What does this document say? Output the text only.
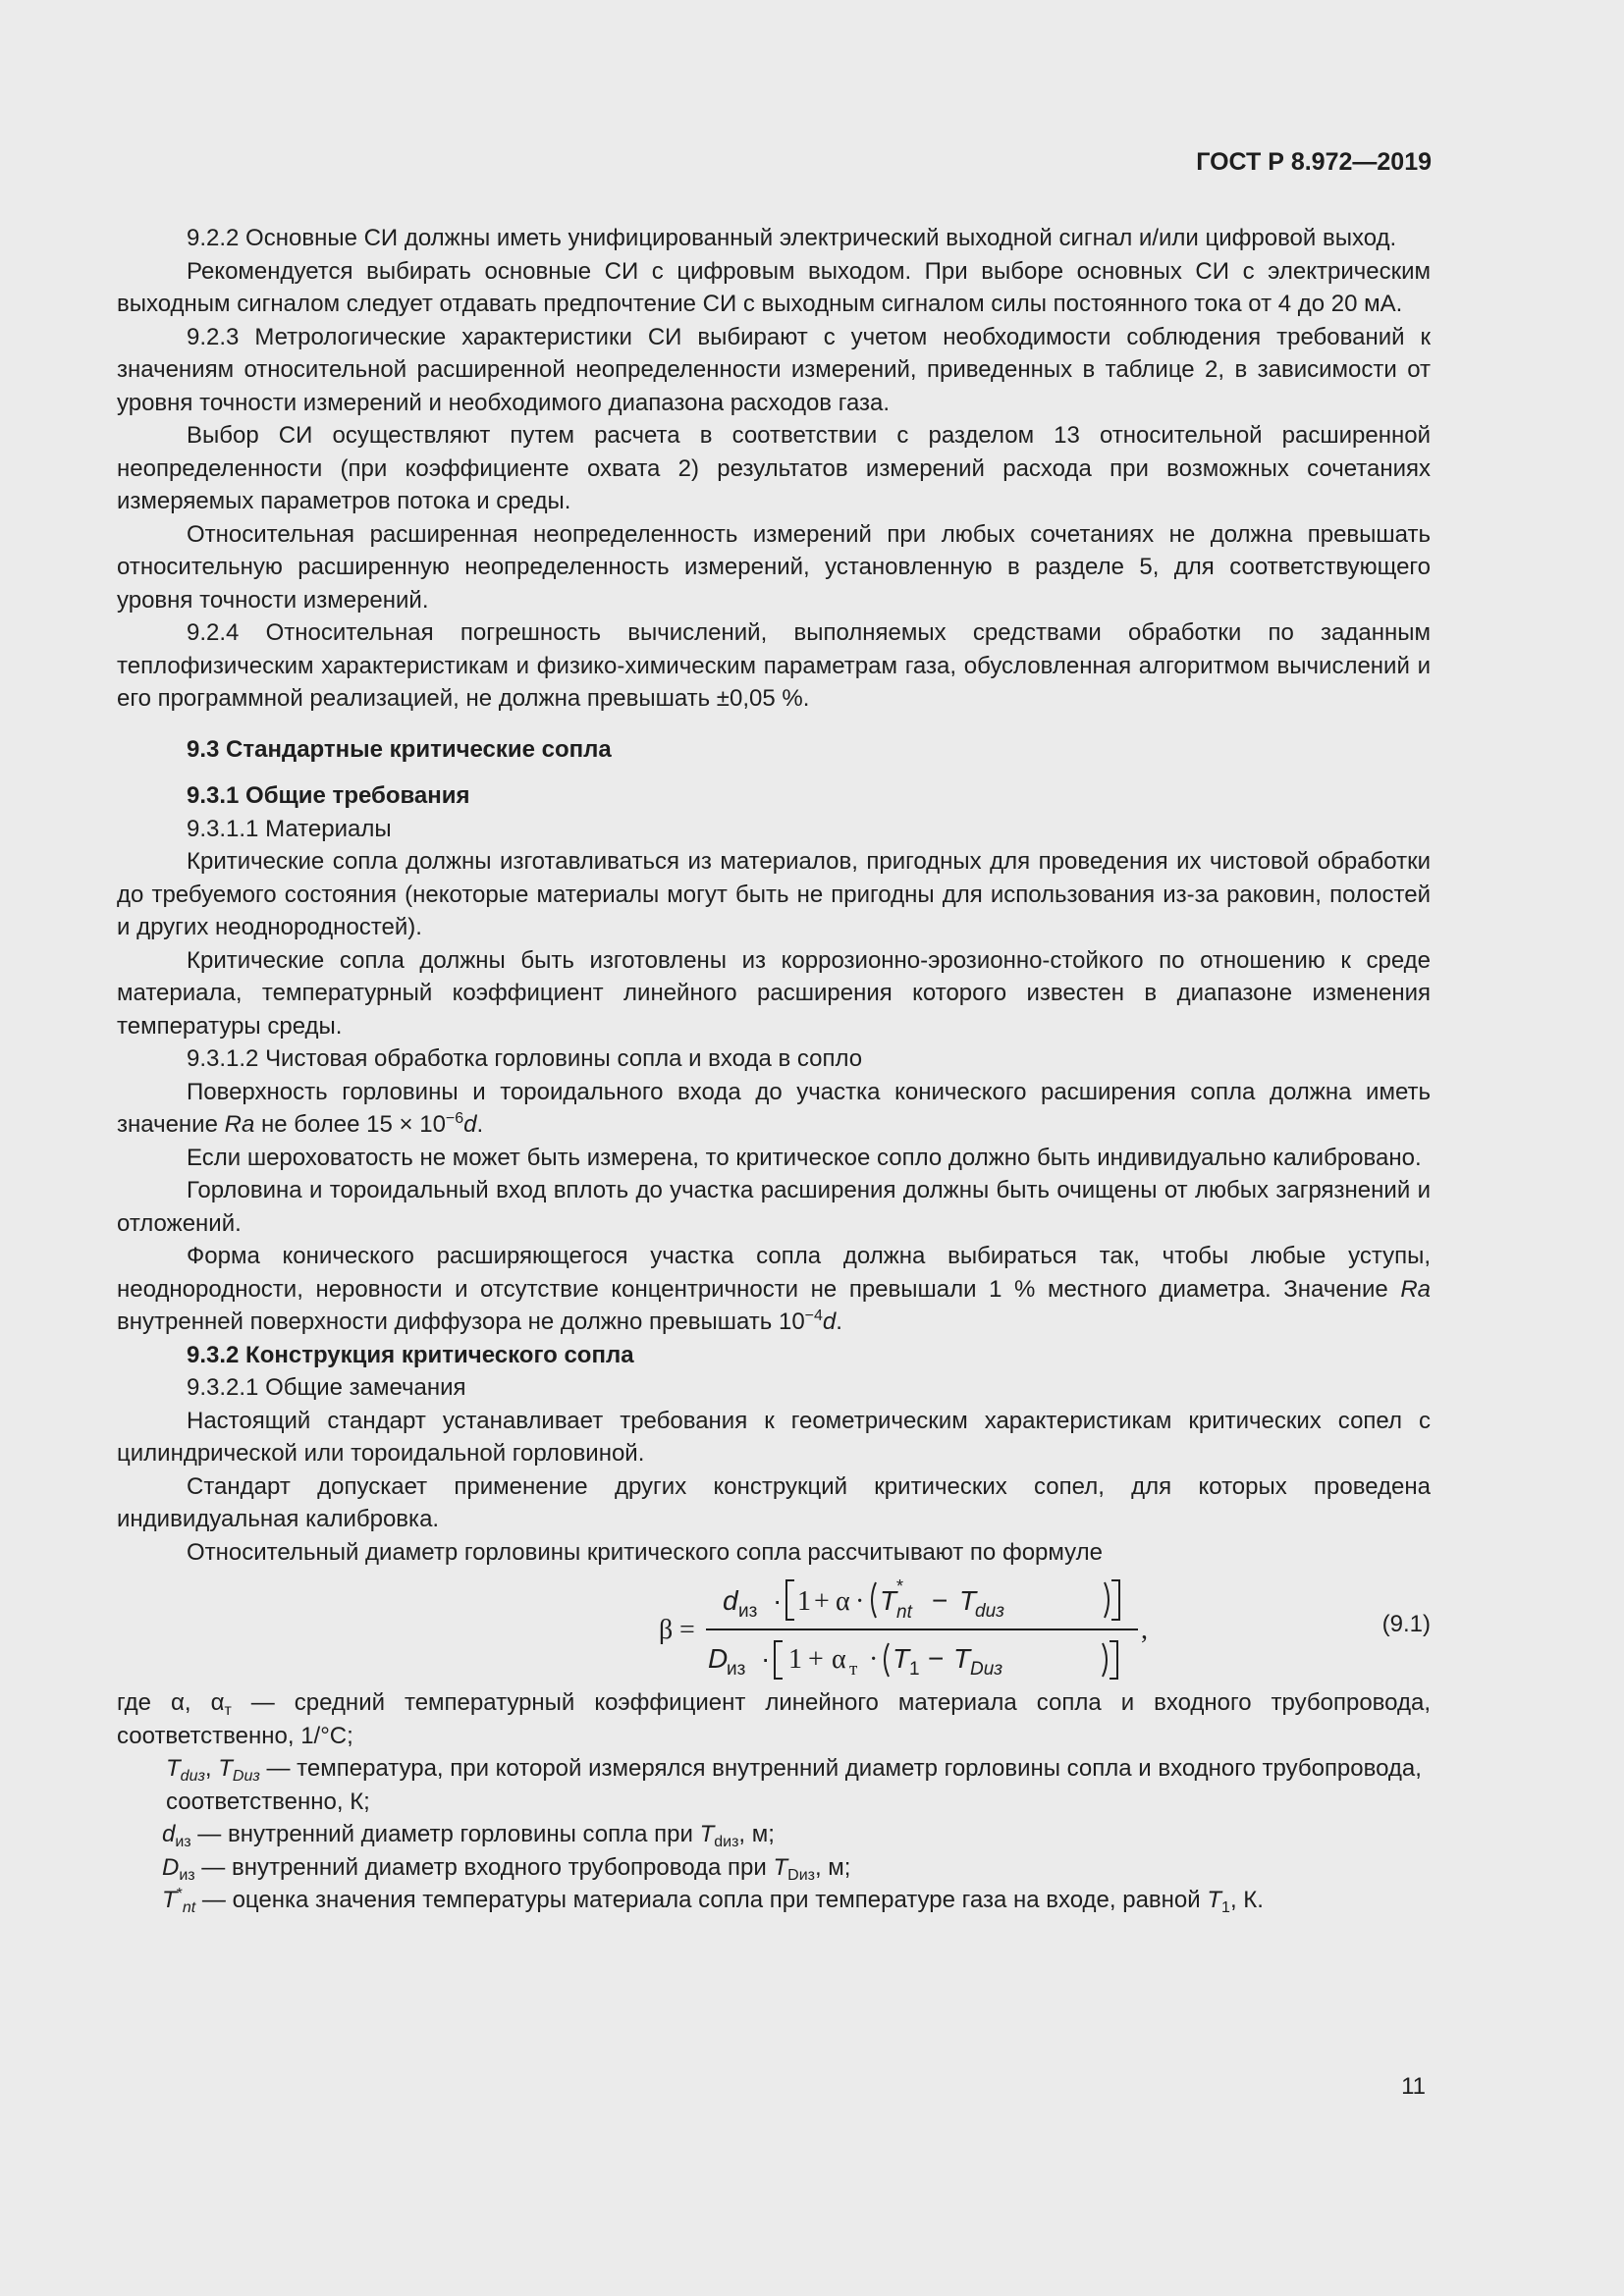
ГОСТ Р 8.972—2019
9.2.2 Основные СИ должны иметь унифицированный электрический выходной сигнал и/или цифровой выход.
Рекомендуется выбирать основные СИ с цифровым выходом. При выборе основных СИ с электрическим выходным сигналом следует отдавать предпочтение СИ с выходным сигналом силы постоянного тока от 4 до 20 мА.
9.2.3 Метрологические характеристики СИ выбирают с учетом необходимости соблюдения требований к значениям относительной расширенной неопределенности измерений, приведенных в таблице 2, в зависимости от уровня точности измерений и необходимого диапазона расходов газа.
Выбор СИ осуществляют путем расчета в соответствии с разделом 13 относительной расширенной неопределенности (при коэффициенте охвата 2) результатов измерений расхода при возможных сочетаниях измеряемых параметров потока и среды.
Относительная расширенная неопределенность измерений при любых сочетаниях не должна превышать относительную расширенную неопределенность измерений, установленную в разделе 5, для соответствующего уровня точности измерений.
9.2.4 Относительная погрешность вычислений, выполняемых средствами обработки по заданным теплофизическим характеристикам и физико-химическим параметрам газа, обусловленная алгоритмом вычислений и его программной реализацией, не должна превышать ±0,05 %.
9.3 Стандартные критические сопла
9.3.1 Общие требования
9.3.1.1 Материалы
Критические сопла должны изготавливаться из материалов, пригодных для проведения их чистовой обработки до требуемого состояния (некоторые материалы могут быть не пригодны для использования из-за раковин, полостей и других неоднородностей).
Критические сопла должны быть изготовлены из коррозионно-эрозионно-стойкого по отношению к среде материала, температурный коэффициент линейного расширения которого известен в диапазоне изменения температуры среды.
9.3.1.2 Чистовая обработка горловины сопла и входа в сопло
Поверхность горловины и тороидального входа до участка конического расширения сопла должна иметь значение Ra не более $15 \times 10^{-6}d$.
Если шероховатость не может быть измерена, то критическое сопло должно быть индивидуально калибровано.
Горловина и тороидальный вход вплоть до участка расширения должны быть очищены от любых загрязнений и отложений.
Форма конического расширяющегося участка сопла должна выбираться так, чтобы любые уступы, неоднородности, неровности и отсутствие концентричности не превышали 1 % местного диаметра. Значение Ra внутренней поверхности диффузора не должно превышать $10^{-4}d$.
9.3.2 Конструкция критического сопла
9.3.2.1 Общие замечания
Настоящий стандарт устанавливает требования к геометрическим характеристикам критических сопел с цилиндрической или тороидальной горловиной.
Стандарт допускает применение других конструкций критических сопел, для которых проведена индивидуальная калибровка.
Относительный диаметр горловины критического сопла рассчитывают по формуле
β =
d из · 1 + α · T *
nt − T
dиз
D
из · 1 + α т · T 1 − T Dиз
,	(9.1)
где α, $\alpha_т$ — средний температурный коэффициент линейного материала сопла и входного трубопровода, соответственно, 1/°С;
$T_{dиз}$, $T_{Dиз}$ — температура, при которой измерялся внутренний диаметр горловины сопла и входного трубопровода, соответственно, К;
$d_{из}$ — внутренний диаметр горловины сопла при $T_{dиз}$, м;
$D_{из}$ — внутренний диаметр входного трубопровода при $T_{Dиз}$, м;
$T^*_{nt}$ — оценка значения температуры материала сопла при температуре газа на входе, равной $T_1$, К.
11
